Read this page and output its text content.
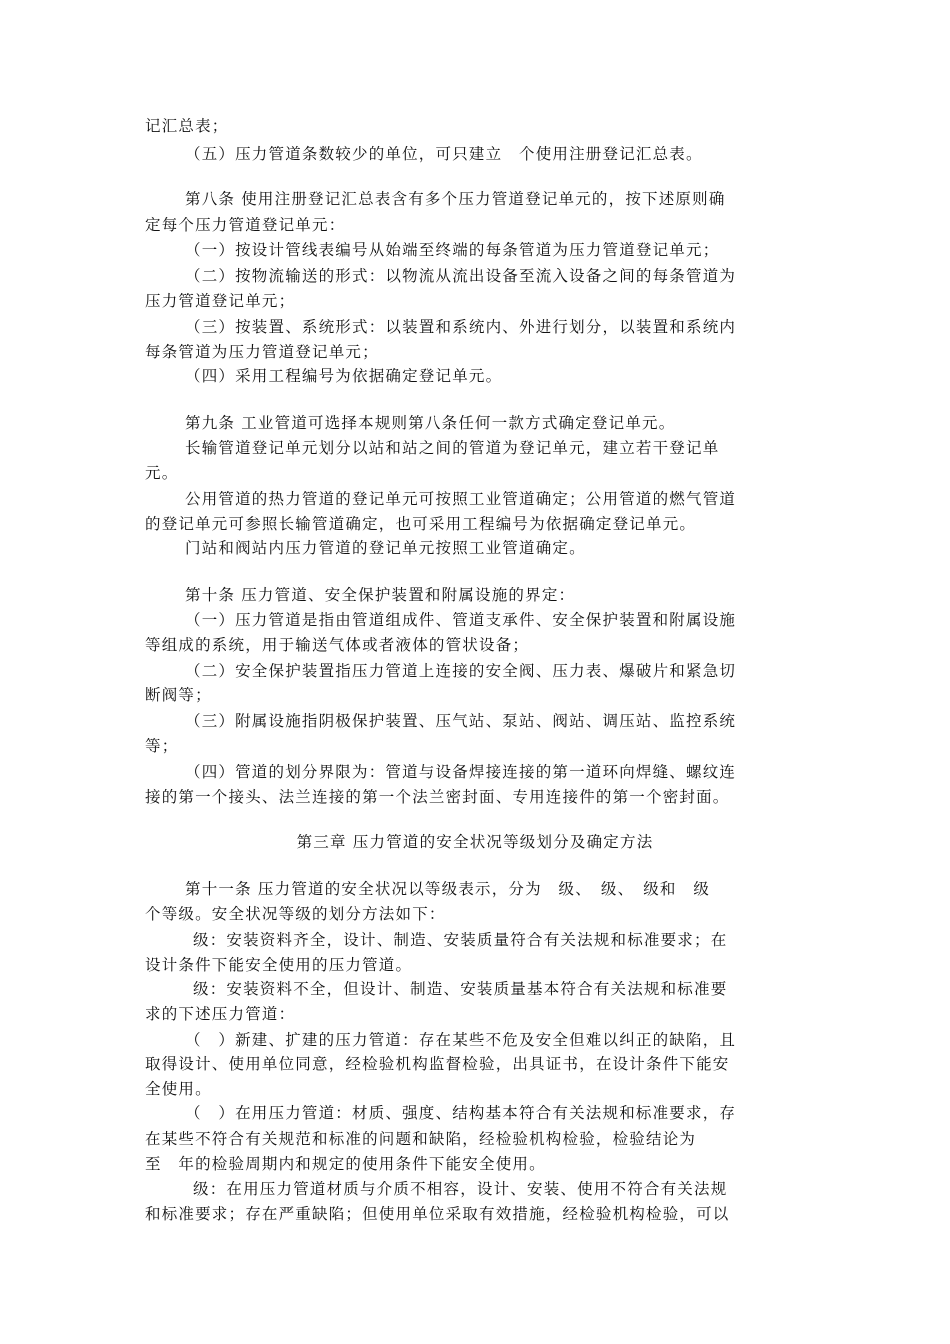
记汇总表；
（五）压力管道条数较少的单位，可只建立　个使用注册登记汇总表。
第八条 使用注册登记汇总表含有多个压力管道登记单元的，按下述原则确
定每个压力管道登记单元：
（一）按设计管线表编号从始端至终端的每条管道为压力管道登记单元；
（二）按物流输送的形式：以物流从流出设备至流入设备之间的每条管道为
压力管道登记单元；
（三）按装置、系统形式：以装置和系统内、外进行划分，以装置和系统内
每条管道为压力管道登记单元；
（四）采用工程编号为依据确定登记单元。
第九条 工业管道可选择本规则第八条任何一款方式确定登记单元。
长输管道登记单元划分以站和站之间的管道为登记单元，建立若干登记单
元。
公用管道的热力管道的登记单元可按照工业管道确定；公用管道的燃气管道
的登记单元可参照长输管道确定，也可采用工程编号为依据确定登记单元。
门站和阀站内压力管道的登记单元按照工业管道确定。
第十条 压力管道、安全保护装置和附属设施的界定：
（一）压力管道是指由管道组成件、管道支承件、安全保护装置和附属设施
等组成的系统，用于输送气体或者液体的管状设备；
（二）安全保护装置指压力管道上连接的安全阀、压力表、爆破片和紧急切
断阀等；
（三）附属设施指阴极保护装置、压气站、泵站、阀站、调压站、监控系统
等；
（四）管道的划分界限为：管道与设备焊接连接的第一道环向焊缝、螺纹连
接的第一个接头、法兰连接的第一个法兰密封面、专用连接件的第一个密封面。
第三章 压力管道的安全状况等级划分及确定方法
第十一条 压力管道的安全状况以等级表示，分为　级、　级、　级和　级
个等级。安全状况等级的划分方法如下：
级：安装资料齐全，设计、制造、安装质量符合有关法规和标准要求；在
设计条件下能安全使用的压力管道。
级：安装资料不全，但设计、制造、安装质量基本符合有关法规和标准要
求的下述压力管道：
（　）新建、扩建的压力管道：存在某些不危及安全但难以纠正的缺陷，且
取得设计、使用单位同意，经检验机构监督检验，出具证书，在设计条件下能安
全使用。
（　）在用压力管道：材质、强度、结构基本符合有关法规和标准要求，存
在某些不符合有关规范和标准的问题和缺陷，经检验机构检验，检验结论为
至　年的检验周期内和规定的使用条件下能安全使用。
级：在用压力管道材质与介质不相容，设计、安装、使用不符合有关法规
和标准要求；存在严重缺陷；但使用单位采取有效措施，经检验机构检验，可以
